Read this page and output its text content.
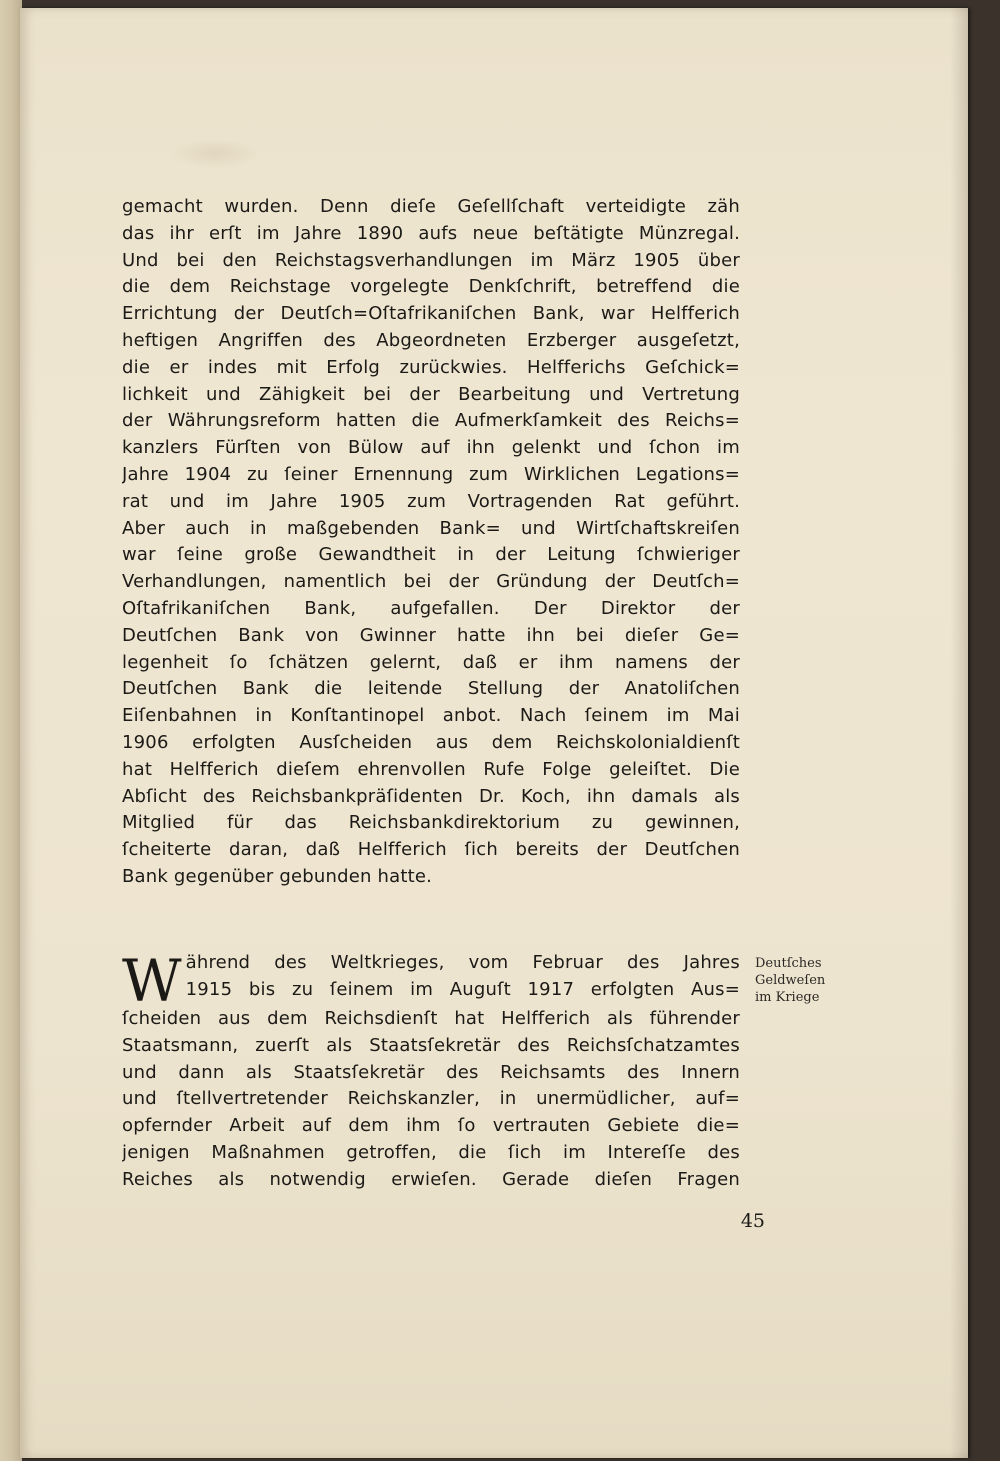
gemacht wurden. Denn dieſe Geſellſchaft verteidigte zäh
das ihr erſt im Jahre 1890 aufs neue beſtätigte Münzregal.
Und bei den Reichstagsverhandlungen im März 1905 über
die dem Reichstage vorgelegte Denkſchrift, betreffend die
Errichtung der Deutſch=Oſtafrikaniſchen Bank, war Helfferich
heftigen Angriffen des Abgeordneten Erzberger ausgeſetzt,
die er indes mit Erfolg zurückwies. Helfferichs Geſchick=
lichkeit und Zähigkeit bei der Bearbeitung und Vertretung
der Währungsreform hatten die Aufmerkſamkeit des Reichs=
kanzlers Fürſten von Bülow auf ihn gelenkt und ſchon im
Jahre 1904 zu ſeiner Ernennung zum Wirklichen Legations=
rat und im Jahre 1905 zum Vortragenden Rat geführt.
Aber auch in maßgebenden Bank= und Wirtſchaftskreiſen
war ſeine große Gewandtheit in der Leitung ſchwieriger
Verhandlungen, namentlich bei der Gründung der Deutſch=
Oſtafrikaniſchen Bank, aufgefallen. Der Direktor der
Deutſchen Bank von Gwinner hatte ihn bei dieſer Ge=
legenheit ſo ſchätzen gelernt, daß er ihm namens der
Deutſchen Bank die leitende Stellung der Anatoliſchen
Eiſenbahnen in Konſtantinopel anbot. Nach ſeinem im Mai
1906 erfolgten Ausſcheiden aus dem Reichskolonialdienſt
hat Helfferich dieſem ehrenvollen Rufe Folge geleiſtet. Die
Abſicht des Reichsbankpräſidenten Dr. Koch, ihn damals als
Mitglied für das Reichsbankdirektorium zu gewinnen,
ſcheiterte daran, daß Helfferich ſich bereits der Deutſchen
Bank gegenüber gebunden hatte.
W ährend des Weltkrieges, vom Februar des Jahres
1915 bis zu ſeinem im Auguſt 1917 erfolgten Aus=
ſcheiden aus dem Reichsdienſt hat Helfferich als führender
Staatsmann, zuerſt als Staatsſekretär des Reichsſchatzamtes
und dann als Staatsſekretär des Reichsamts des Innern
und ſtellvertretender Reichskanzler, in unermüdlicher, auf=
opfernder Arbeit auf dem ihm ſo vertrauten Gebiete die=
jenigen Maßnahmen getroffen, die ſich im Intereſſe des
Reiches als notwendig erwieſen. Gerade dieſen Fragen
Deutſches
Geldweſen
im Kriege
45
